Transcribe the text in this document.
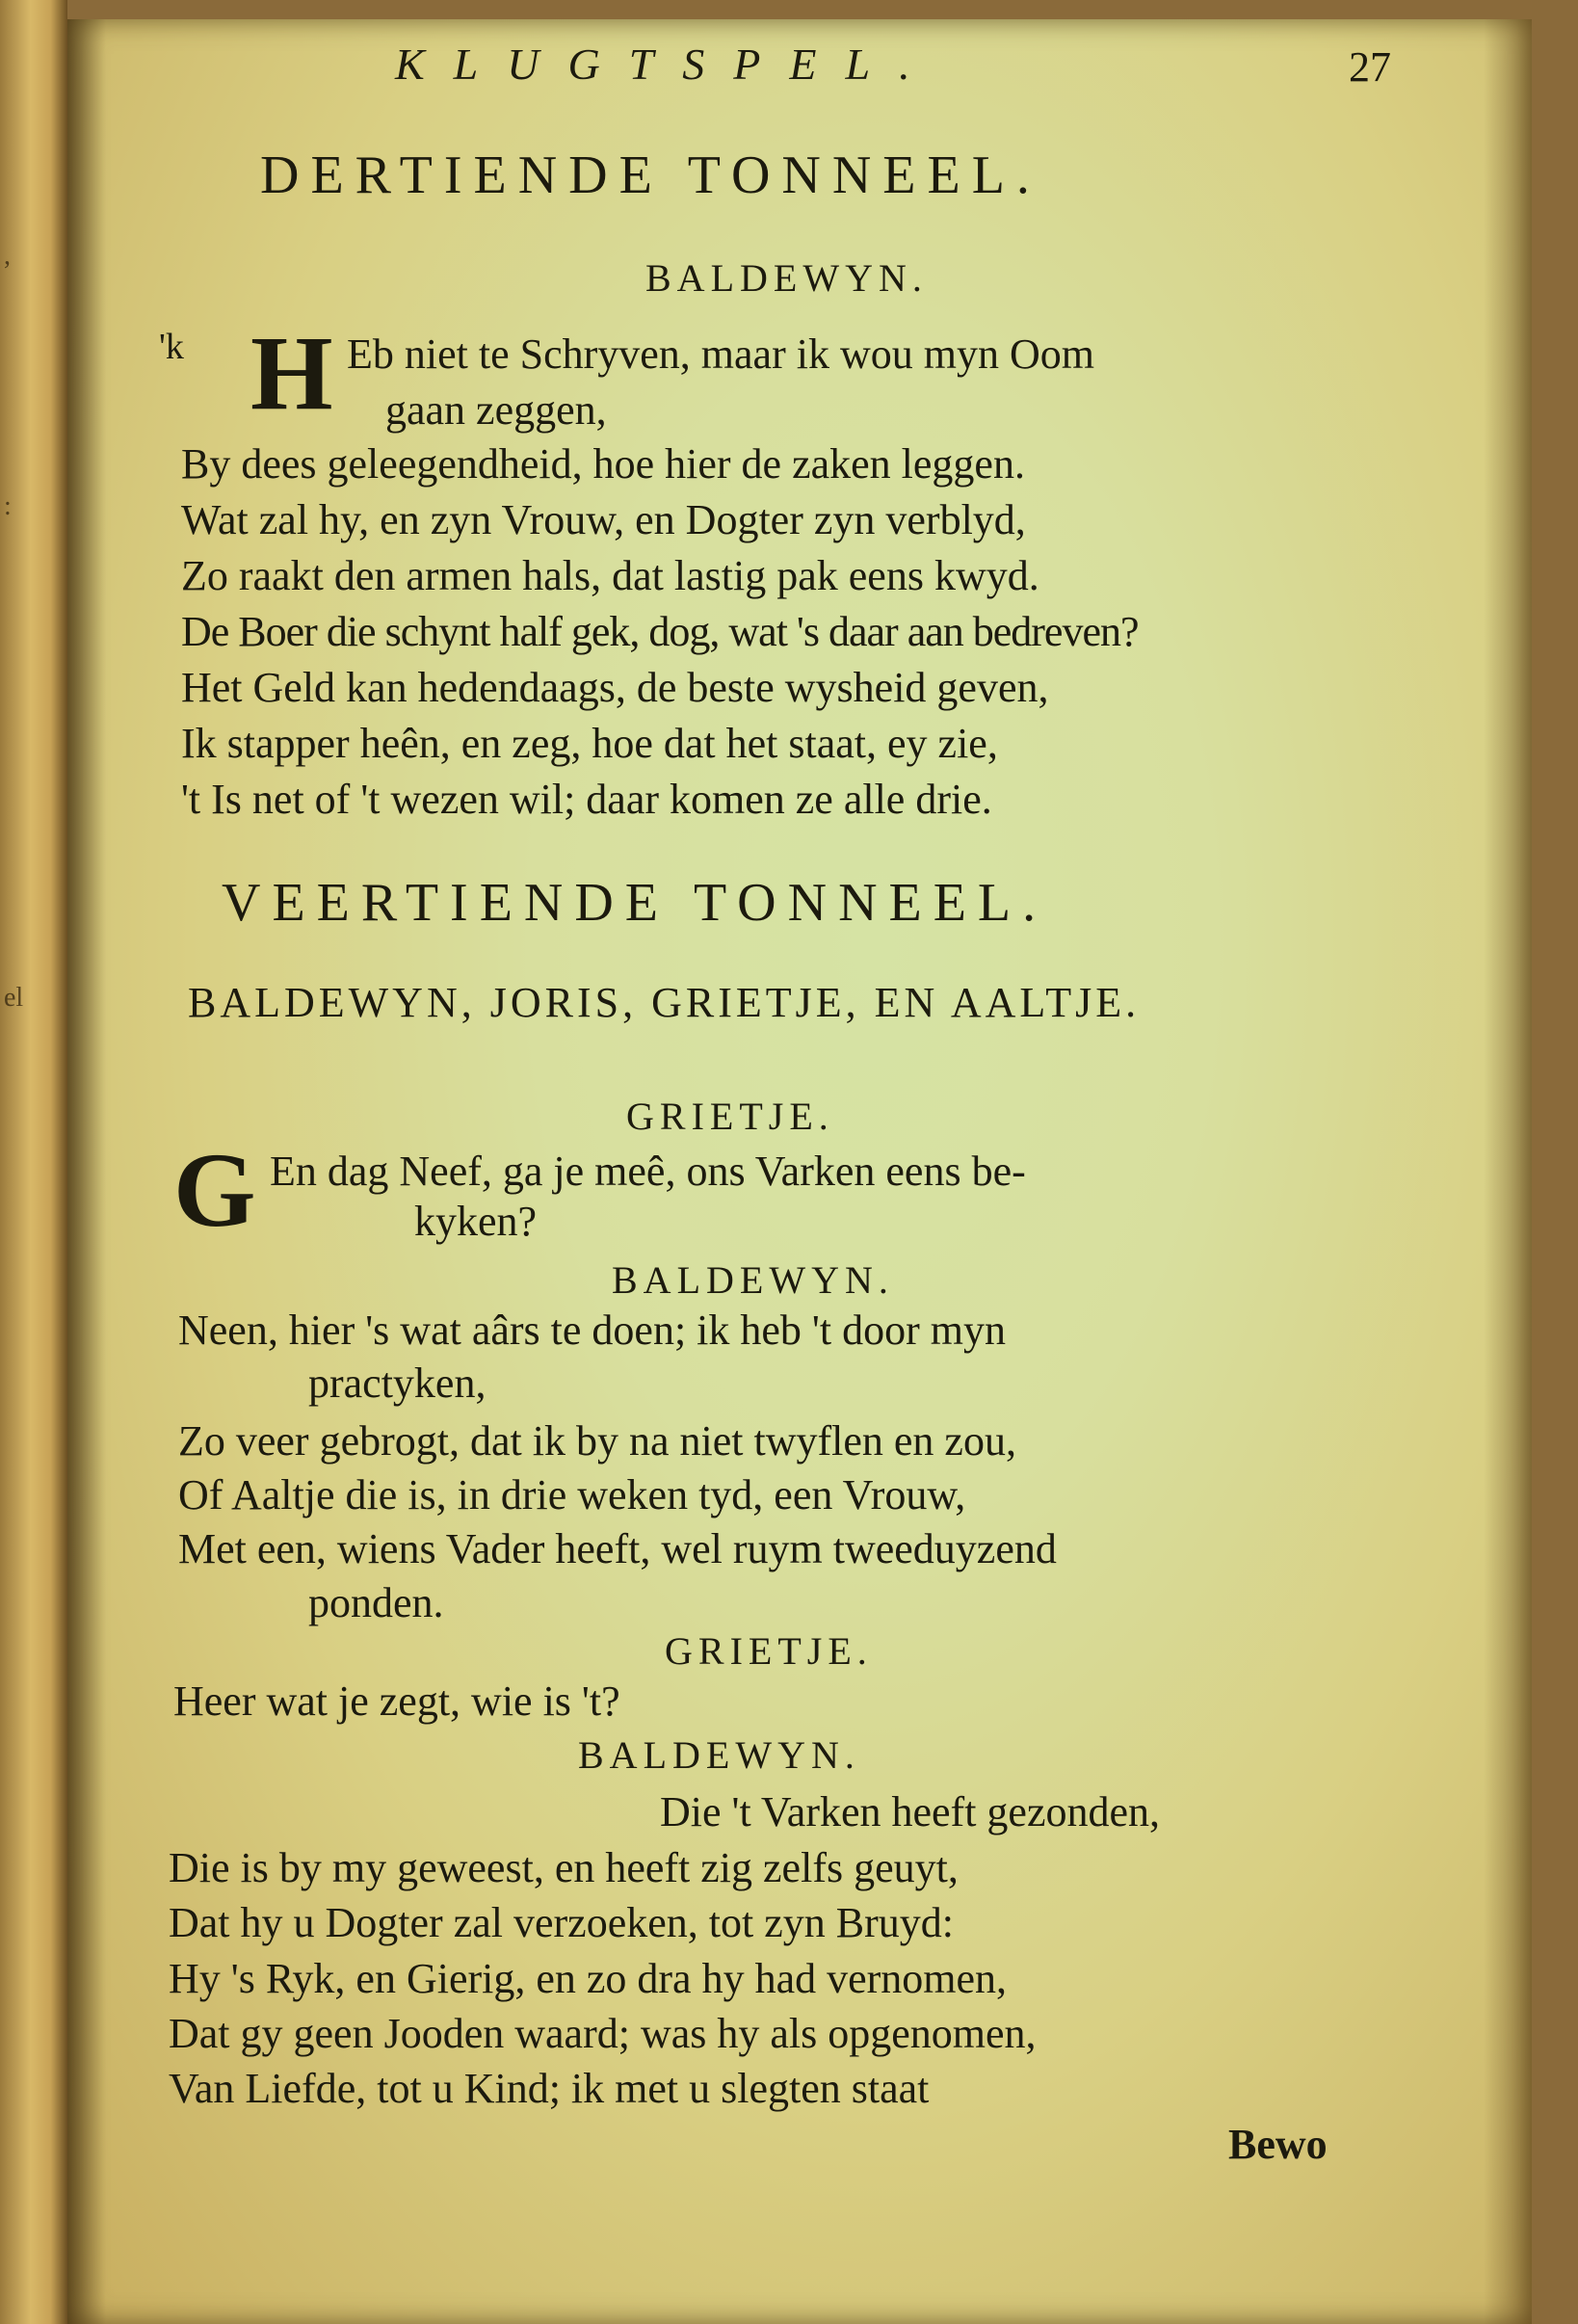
,
:
el

KLUGTSPEL.	27

DERTIENDE TONNEEL.

BALDEWYN.

'k H Eb niet te Schryven, maar ik wou myn Oom

gaan zeggen,

By dees geleegendheid, hoe hier de zaken leggen.

Wat zal hy, en zyn Vrouw, en Dogter zyn verblyd,

Zo raakt den armen hals, dat lastig pak eens kwyd.

De Boer die schynt half gek, dog, wat 's daar aan bedreven?

Het Geld kan hedendaags, de beste wysheid geven,

Ik stapper heên, en zeg, hoe dat het staat, ey zie,

't Is net of 't wezen wil; daar komen ze alle drie.

VEERTIENDE TONNEEL.

BALDEWYN, JORIS, GRIETJE, EN AALTJE.

GRIETJE.

G En dag Neef, ga je meê, ons Varken eens be-

kyken?

BALDEWYN.

Neen, hier 's wat aârs te doen; ik heb 't door myn

practyken,

Zo veer gebrogt, dat ik by na niet twyflen en zou,

Of Aaltje die is, in drie weken tyd, een Vrouw,

Met een, wiens Vader heeft, wel ruym tweeduyzend

ponden.

GRIETJE.

Heer wat je zegt, wie is 't?

BALDEWYN.

Die 't Varken heeft gezonden,

Die is by my geweest, en heeft zig zelfs geuyt,

Dat hy u Dogter zal verzoeken, tot zyn Bruyd:

Hy 's Ryk, en Gierig, en zo dra hy had vernomen,

Dat gy geen Jooden waard; was hy als opgenomen,

Van Liefde, tot u Kind; ik met u slegten staat

Bewo
